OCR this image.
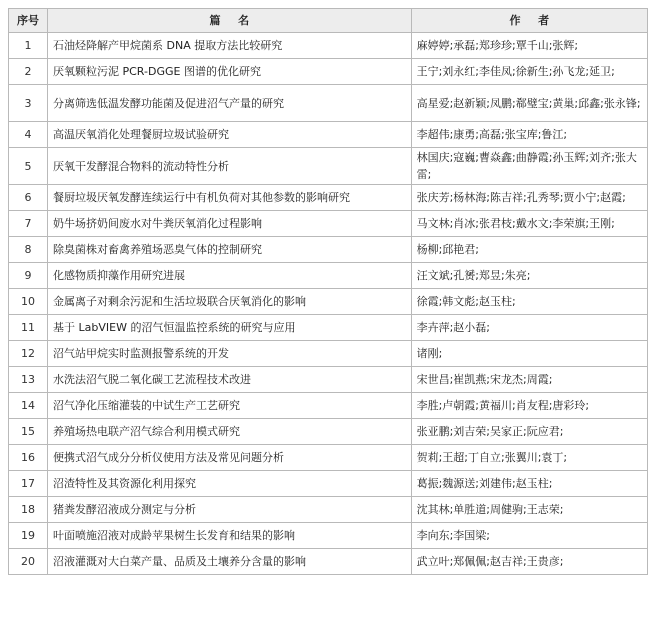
序号	篇名	作者
1	石油烃降解产甲烷菌系 DNA 提取方法比较研究	麻婷婷;承磊;郑珍珍;覃千山;张辉;
2	厌氧颗粒污泥 PCR-DGGE 图谱的优化研究	王宁;刘永红;李佳凤;徐新生;孙飞龙;延卫;
3	分离筛选低温发酵功能菌及促进沼气产量的研究	高星爱;赵新颖;凤鹏;郗璧宝;黄巢;邱鑫;张永锋;
4	高温厌氧消化处理餐厨垃圾试验研究	李超伟;康勇;高磊;张宝库;鲁江;
5	厌氧干发酵混合物料的流动特性分析	林国庆;寇巍;曹焱鑫;曲静霞;孙玉辉;刘齐;张大雷;
6	餐厨垃圾厌氧发酵连续运行中有机负荷对其他参数的影响研究	张庆芳;杨林海;陈吉祥;孔秀琴;贾小宁;赵霞;
7	奶牛场挤奶间废水对牛粪厌氧消化过程影响	马文林;肖冰;张君枝;戴水文;李荣旗;王刚;
8	除臭菌株对畜禽养殖场恶臭气体的控制研究	杨柳;邱艳君;
9	化感物质抑藻作用研究进展	汪文斌;孔赟;郑昱;朱亮;
10	金属离子对剩余污泥和生活垃圾联合厌氧消化的影响	徐霞;韩文彪;赵玉柱;
11	基于 LabVIEW 的沼气恒温监控系统的研究与应用	李卉萍;赵小磊;
12	沼气站甲烷实时监测报警系统的开发	诸刚;
13	水洗法沼气脱二氧化碳工艺流程技术改进	宋世昌;崔凯燕;宋龙杰;周霞;
14	沼气净化压缩灌装的中试生产工艺研究	李胜;卢朝霞;黄福川;肖友程;唐彩玲;
15	养殖场热电联产沼气综合利用模式研究	张亚鹏;刘吉荣;吴家正;阮应君;
16	便携式沼气成分分析仪使用方法及常见问题分析	贺莉;王超;丁自立;张翼川;袁丁;
17	沼渣特性及其资源化利用探究	葛振;魏源送;刘建伟;赵玉柱;
18	猪粪发酵沼液成分测定与分析	沈其林;单胜道;周健驹;王志荣;
19	叶面喷施沼液对成龄苹果树生长发育和结果的影响	李向东;李国梁;
20	沼液灌溉对大白菜产量、品质及土壤养分含量的影响	武立叶;郑佩佩;赵吉祥;王贵彦;
